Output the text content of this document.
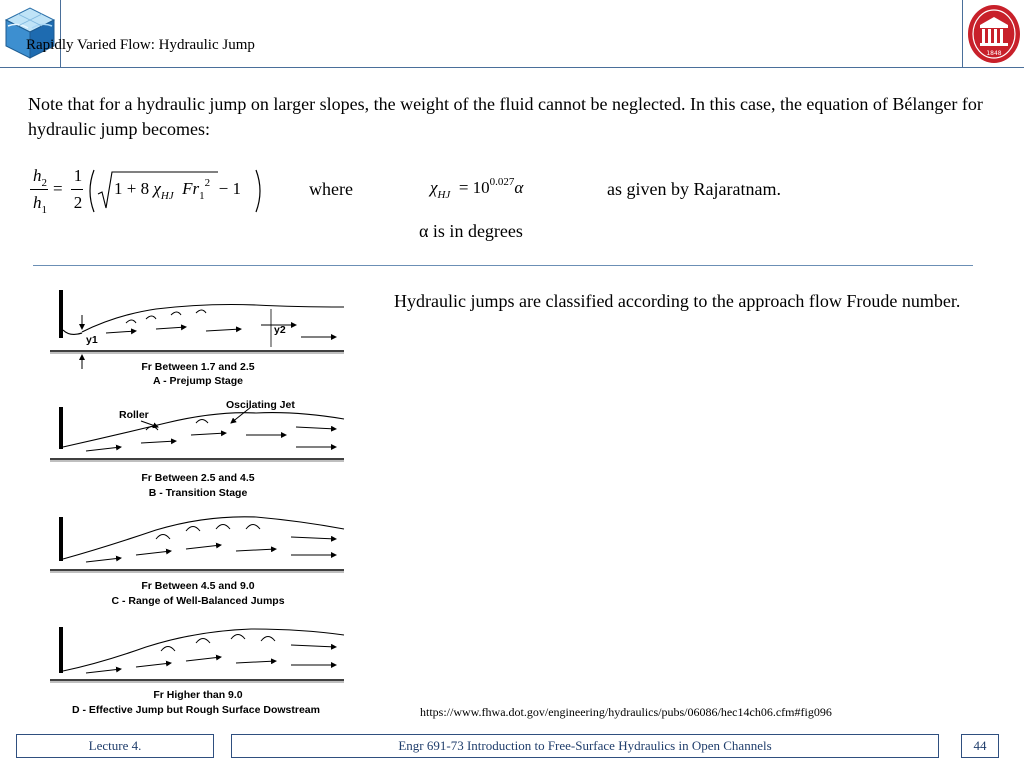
Rapidly Varied Flow: Hydraulic Jump
1848
Note that for a hydraulic jump on larger slopes, the weight of the fluid cannot be neglected. In this case, the equation of Bélanger for hydraulic jump becomes:
$h_2$
$h_1$
=
1
2
1 + 8 $\chi_{HJ}$ $Fr_1^2 - 1$	where	$\chi_{HJ} = 10^{0.027}\alpha$	as given by Rajaratnam.
α is in degrees
Hydraulic jumps are classified according to the approach flow Froude number.
y1
y2
Fr Between 1.7 and 2.5
A - Prejump Stage
Roller
Oscilating Jet
Fr Between 2.5 and 4.5
B - Transition Stage
Fr Between 4.5 and 9.0
C - Range of Well-Balanced Jumps
Fr Higher than 9.0
D - Effective Jump but Rough Surface Dowstream	https://www.fhwa.dot.gov/engineering/hydraulics/pubs/06086/hec14ch06.cfm#fig096
Lecture 4.	Engr 691-73 Introduction to Free-Surface Hydraulics in Open Channels	44
